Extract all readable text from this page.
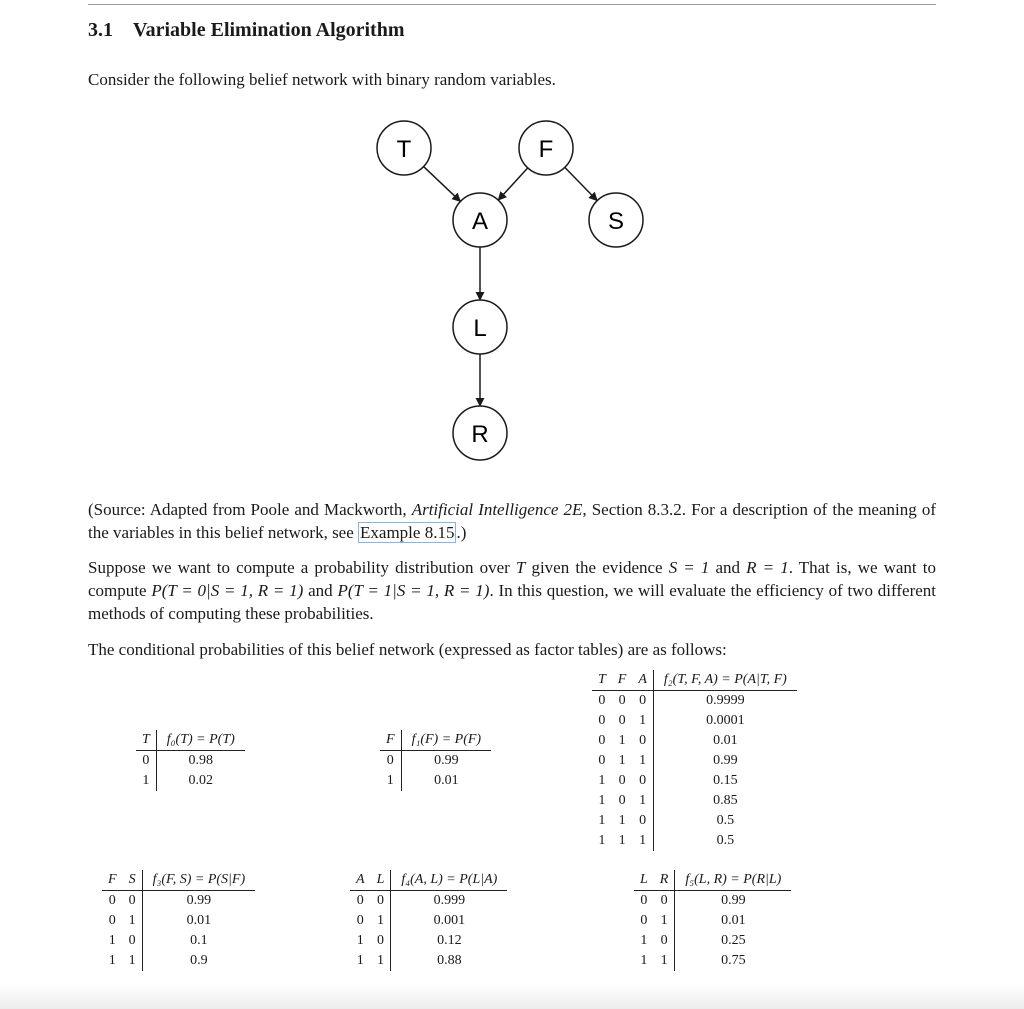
3.1 Variable Elimination Algorithm
Consider the following belief network with binary random variables.
T	F
A	S
L
R
(Source: Adapted from Poole and Mackworth, Artificial Intelligence 2E, Section 8.3.2. For a description of the meaning of the variables in this belief network, see Example 8.15 .)
Suppose we want to compute a probability distribution over T given the evidence S = 1 and R = 1. That is, we want to compute P(T = 0|S = 1, R = 1) and P(T = 1|S = 1, R = 1). In this question, we will evaluate the efficiency of two different methods of computing these probabilities.
The conditional probabilities of this belief network (expressed as factor tables) are as follows:
T	f₀(T) = P(T)
0	0.98
1	0.02
F	f₁(F) = P(F)
0	0.99
1	0.01
T	F	A	f₂(T, F, A) = P(A|T, F)
0	0	0	0.9999
0	0	1	0.0001
0	1	0	0.01
0	1	1	0.99
1	0	0	0.15
1	0	1	0.85
1	1	0	0.5
1	1	1	0.5
F	S	f₃(F, S) = P(S|F)
0	0	0.99
0	1	0.01
1	0	0.1
1	1	0.9
A	L	f₄(A, L) = P(L|A)
0	0	0.999
0	1	0.001
1	0	0.12
1	1	0.88
L	R	f₅(L, R) = P(R|L)
0	0	0.99
0	1	0.01
1	0	0.25
1	1	0.75
